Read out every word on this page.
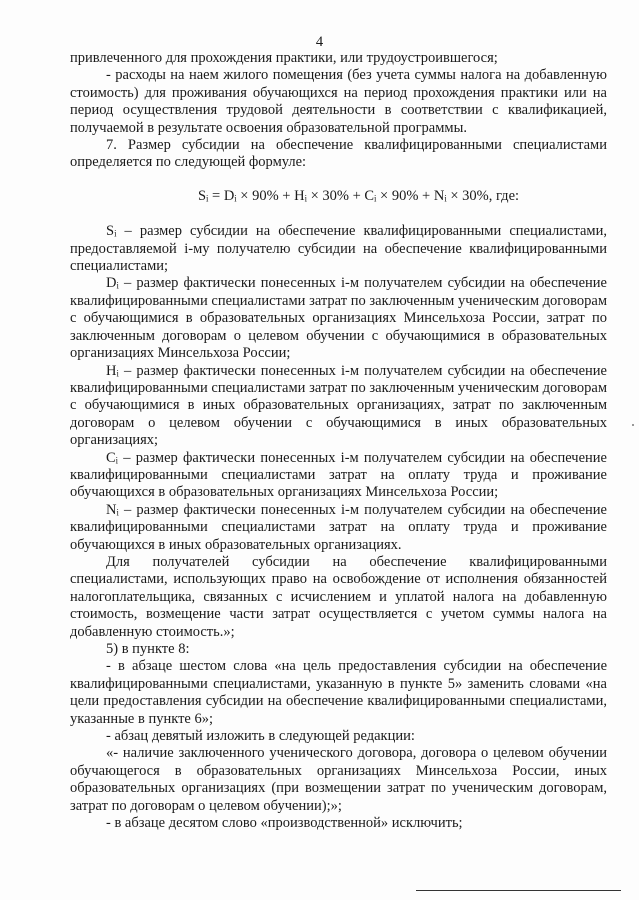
4

привлеченного для прохождения практики, или трудоустроившегося;

- расходы на наем жилого помещения (без учета суммы налога на добавленную стоимость) для проживания обучающихся на период прохождения практики или на период осуществления трудовой деятельности в соответствии с квалификацией, получаемой в результате освоения образовательной программы.

7. Размер субсидии на обеспечение квалифицированными специалистами определяется по следующей формуле:

Sᵢ = Dᵢ × 90% + Hᵢ × 30% + Cᵢ × 90% + Nᵢ × 30%, где:

Sᵢ – размер субсидии на обеспечение квалифицированными специалистами, предоставляемой i-му получателю субсидии на обеспечение квалифицированными специалистами;

Dᵢ – размер фактически понесенных i-м получателем субсидии на обеспечение квалифицированными специалистами затрат по заключенным ученическим договорам с обучающимися в образовательных организациях Минсельхоза России, затрат по заключенным договорам о целевом обучении с обучающимися в образовательных организациях Минсельхоза России;

Hᵢ – размер фактически понесенных i-м получателем субсидии на обеспечение квалифицированными специалистами затрат по заключенным ученическим договорам с обучающимися в иных образовательных организациях, затрат по заключенным договорам о целевом обучении с обучающимися в иных образовательных организациях;

Cᵢ – размер фактически понесенных i-м получателем субсидии на обеспечение квалифицированными специалистами затрат на оплату труда и проживание обучающихся в образовательных организациях Минсельхоза России;

Nᵢ – размер фактически понесенных i-м получателем субсидии на обеспечение квалифицированными специалистами затрат на оплату труда и проживание обучающихся в иных образовательных организациях.

Для получателей субсидии на обеспечение квалифицированными специалистами, использующих право на освобождение от исполнения обязанностей налогоплательщика, связанных с исчислением и уплатой налога на добавленную стоимость, возмещение части затрат осуществляется с учетом суммы налога на добавленную стоимость.»;

5) в пункте 8:

- в абзаце шестом слова «на цель предоставления субсидии на обеспечение квалифицированными специалистами, указанную в пункте 5» заменить словами «на цели предоставления субсидии на обеспечение квалифицированными специалистами, указанные в пункте 6»;

- абзац девятый изложить в следующей редакции:

«- наличие заключенного ученического договора, договора о целевом обучении обучающегося в образовательных организациях Минсельхоза России, иных образовательных организациях (при возмещении затрат по ученическим договорам, затрат по договорам о целевом обучении);»;

- в абзаце десятом слово «производственной» исключить;
